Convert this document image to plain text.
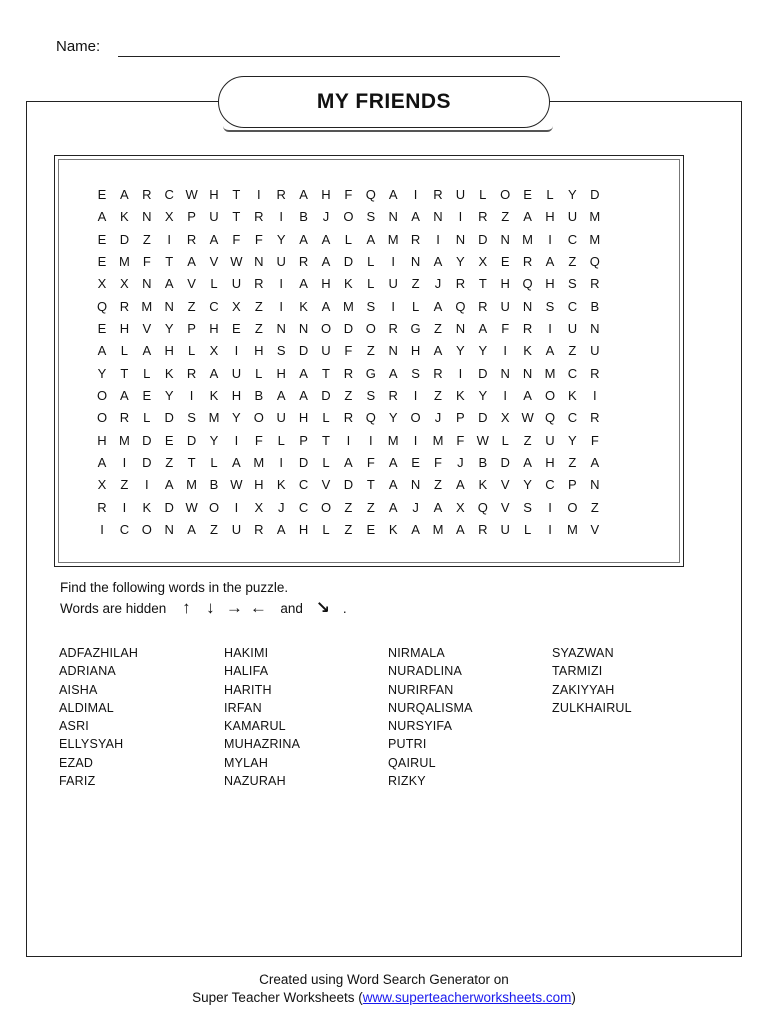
Name:
MY FRIENDS
E	A	R	C W H	T	I	R	A	H	F	Q A	I	R	U	L	O	E	L	Y	D
A	K	N	X	P	U	T	R	I	B	J	O	S	N	A	N	I	R	Z	A	H	U M
E	D	Z	I	R	A	F	F	Y	A	A	L	A M R	I	N	D	N M	I	C M
E M	F	T	A	V W N	U	R	A	D	L	I	N	A	Y	X	E	R	A	Z	Q
X	X	N	A	V	L	U	R	I	A	H	K	L	U	Z	J	R	T	H Q H	S	R
Q R M N	Z	C	X	Z	I	K	A M S	I	L	A	Q R	U	N	S	C	B
E	H	V	Y	P	H	E	Z	N	N O D O R G	Z	N	A	F	R	I	U	N
A	L	A	H	L	X	I	H	S	D	U	F	Z	N	H	A	Y	Y	I	K	A	Z	U
Y	T	L	K	R	A	U	L	H	A	T	R G A	S	R	I	D	N	N M C	R
O A	E	Y	I	K	H	B	A	A	D	Z	S	R	I	Z	K	Y	I	A	O K	I
O R	L	D	S M Y	O U	H	L	R Q Y	O	J	P	D	X W Q C	R
H M D	E	D	Y	I	F	L	P	T	I	I	M	I	M F W L	Z	U	Y	F
A	I	D	Z	T	L	A M	I	D	L	A	F	A	E	F	J	B	D	A	H	Z	A
X	Z	I	A M B W H	K	C	V	D	T	A	N	Z	A	K	V	Y	C	P	N
R	I	K	D W O	I	X	J	C O	Z	Z	A	J	A	X	Q V	S	I	O	Z
I	C O N	A	Z	U	R	A	H	L	Z	E	K	A M A	R	U	L	I	M V
Find the following words in the puzzle.
Words are hidden ↑ ↓ → ← and ↘ .
ADFAZHILAH
ADRIANA
AISHA
ALDIMAL
ASRI
ELLYSYAH
EZAD
FARIZ
HAKIMI
HALIFA
HARITH
IRFAN
KAMARUL
MUHAZRINA
MYLAH
NAZURAH
NIRMALA
NURADLINA
NURIRFAN
NURQALISMA
NURSYIFA
PUTRI
QAIRUL
RIZKY
SYAZWAN
TARMIZI
ZAKIYYAH
ZULKHAIRUL
Created using Word Search Generator on
Super Teacher Worksheets (www.superteacherworksheets.com)
